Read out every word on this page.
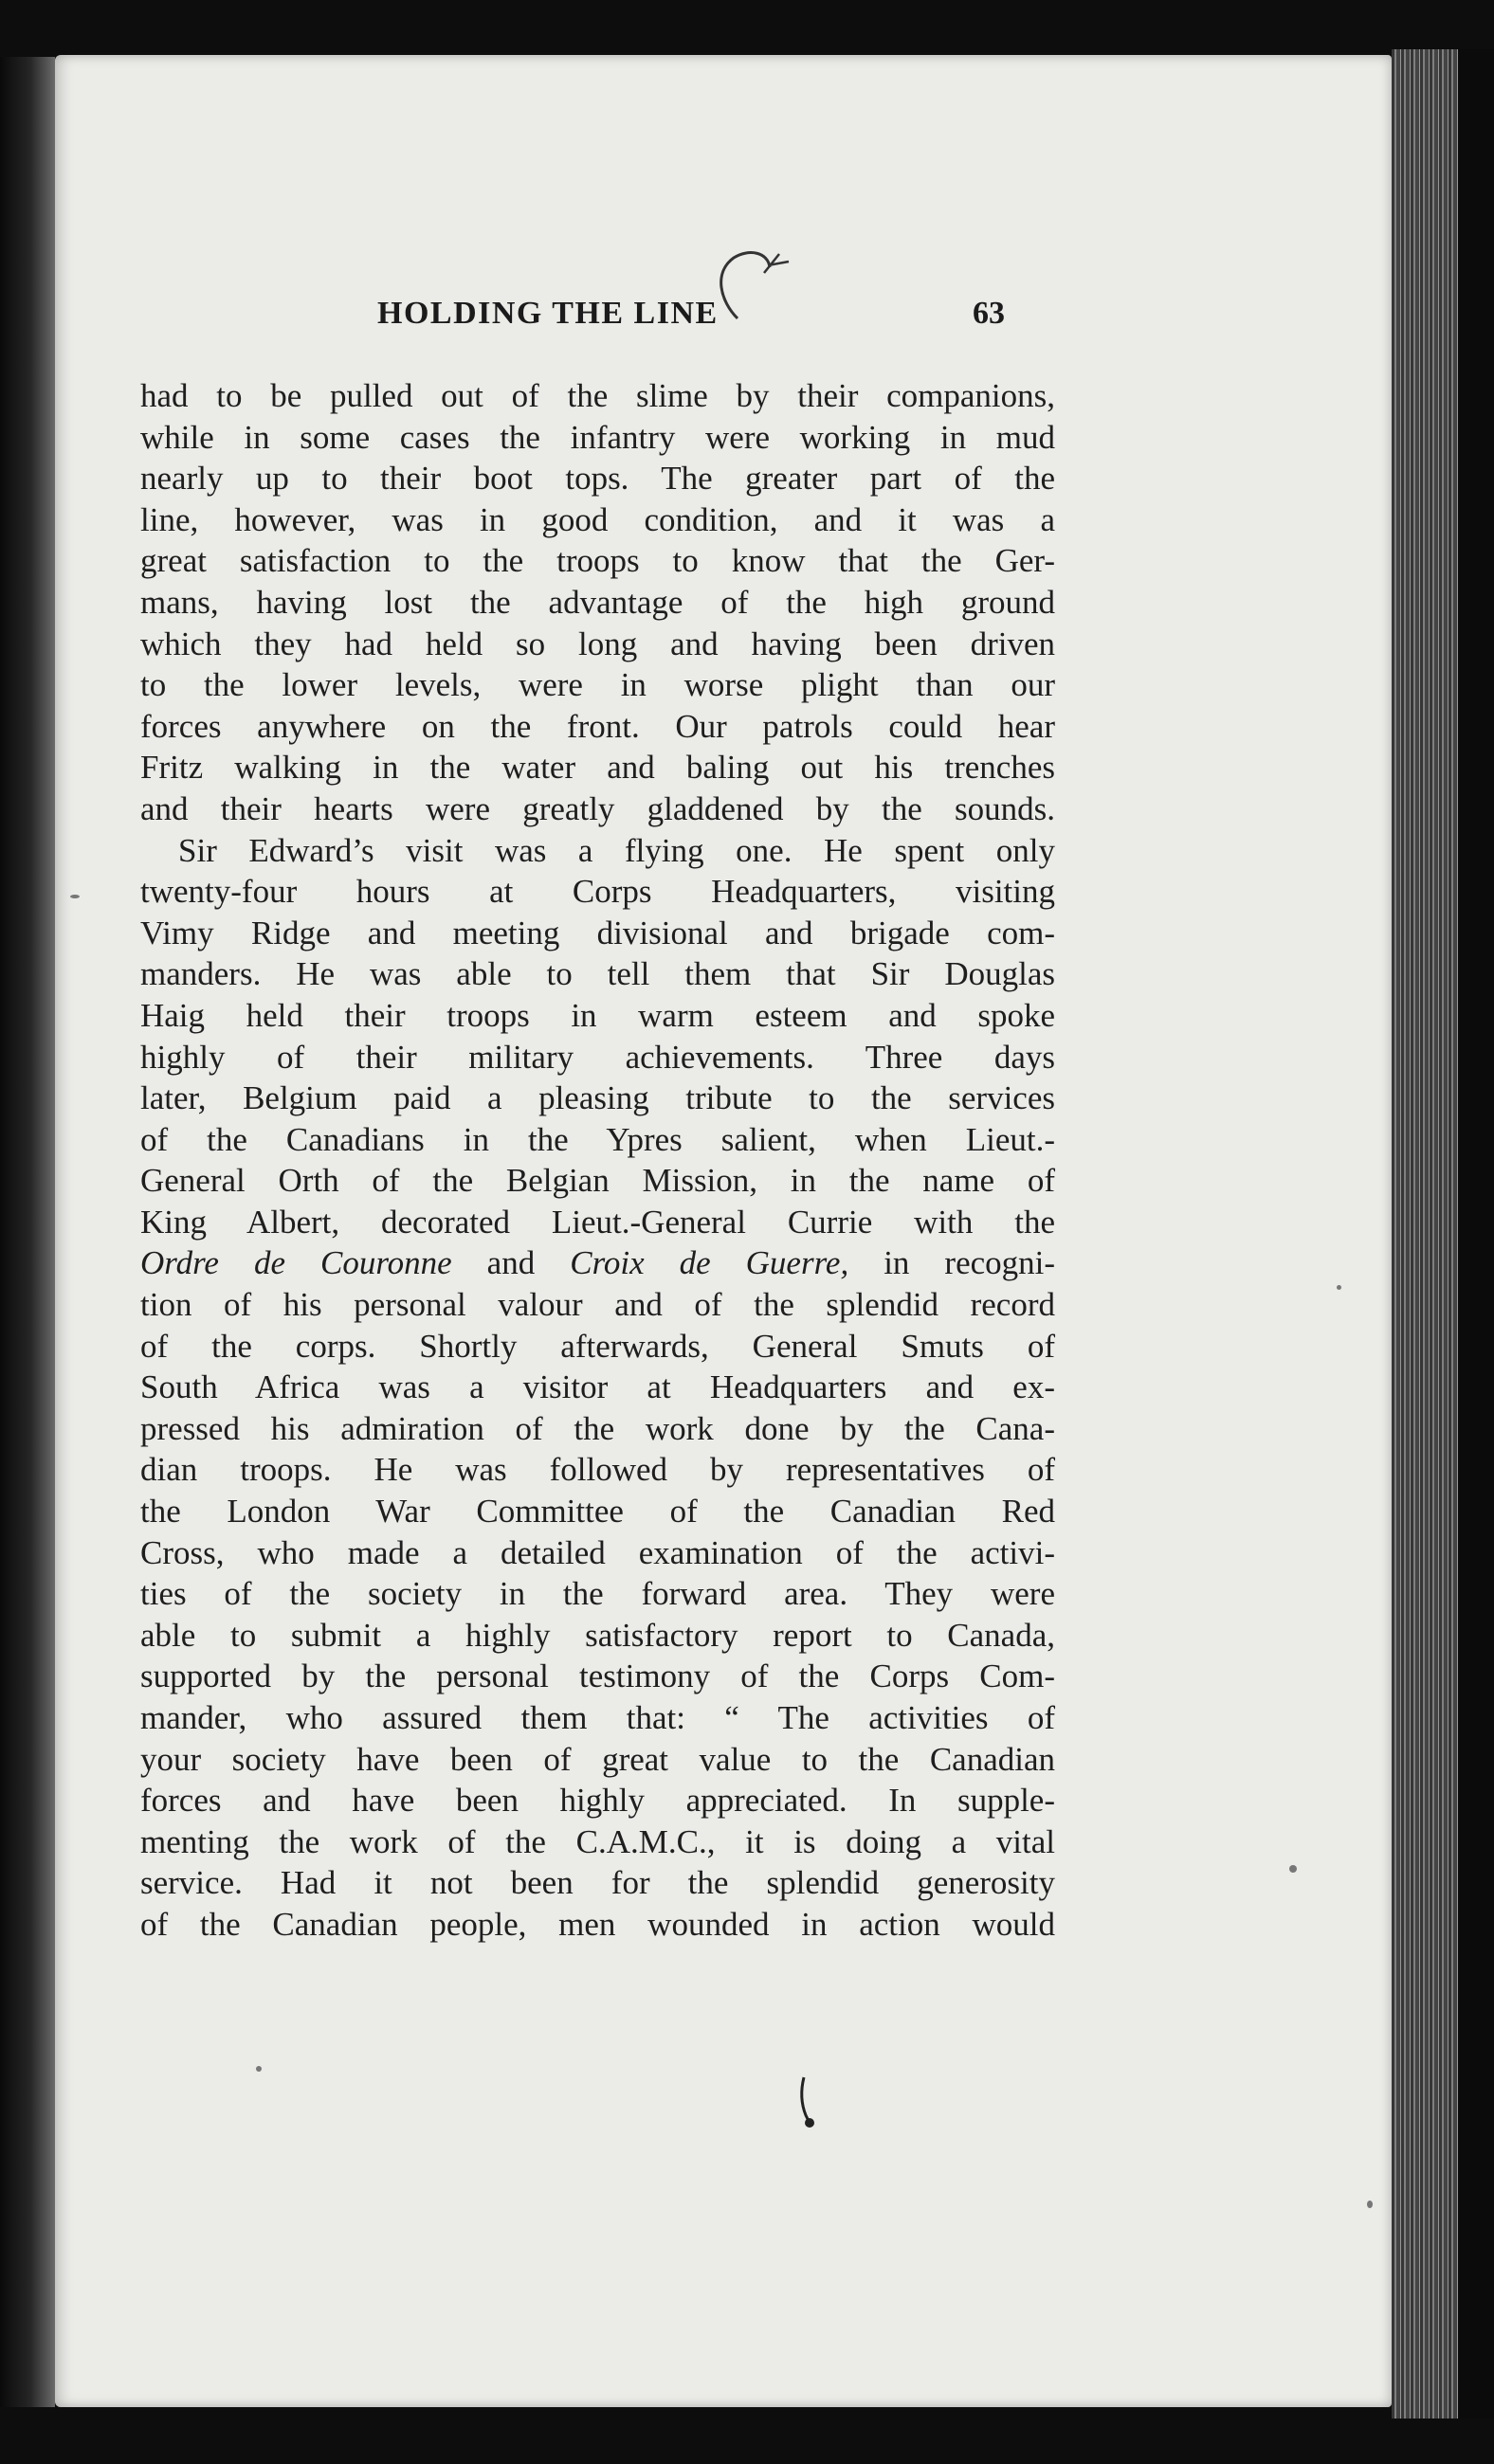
HOLDING THE LINE	63
had to be pulled out of the slime by their companions,
while in some cases the infantry were working in mud
nearly up to their boot tops. The greater part of the
line, however, was in good condition, and it was a
great satisfaction to the troops to know that the Ger-
mans, having lost the advantage of the high ground
which they had held so long and having been driven
to the lower levels, were in worse plight than our
forces anywhere on the front. Our patrols could hear
Fritz walking in the water and baling out his trenches
and their hearts were greatly gladdened by the sounds.
Sir Edward’s visit was a flying one. He spent only
twenty-four hours at Corps Headquarters, visiting
Vimy Ridge and meeting divisional and brigade com-
manders. He was able to tell them that Sir Douglas
Haig held their troops in warm esteem and spoke
highly of their military achievements. Three days
later, Belgium paid a pleasing tribute to the services
of the Canadians in the Ypres salient, when Lieut.-
General Orth of the Belgian Mission, in the name of
King Albert, decorated Lieut.-General Currie with the
Ordre de Couronne and Croix de Guerre, in recogni-
tion of his personal valour and of the splendid record
of the corps. Shortly afterwards, General Smuts of
South Africa was a visitor at Headquarters and ex-
pressed his admiration of the work done by the Cana-
dian troops. He was followed by representatives of
the London War Committee of the Canadian Red
Cross, who made a detailed examination of the activi-
ties of the society in the forward area. They were
able to submit a highly satisfactory report to Canada,
supported by the personal testimony of the Corps Com-
mander, who assured them that: “ The activities of
your society have been of great value to the Canadian
forces and have been highly appreciated. In supple-
menting the work of the C.A.M.C., it is doing a vital
service. Had it not been for the splendid generosity
of the Canadian people, men wounded in action would
